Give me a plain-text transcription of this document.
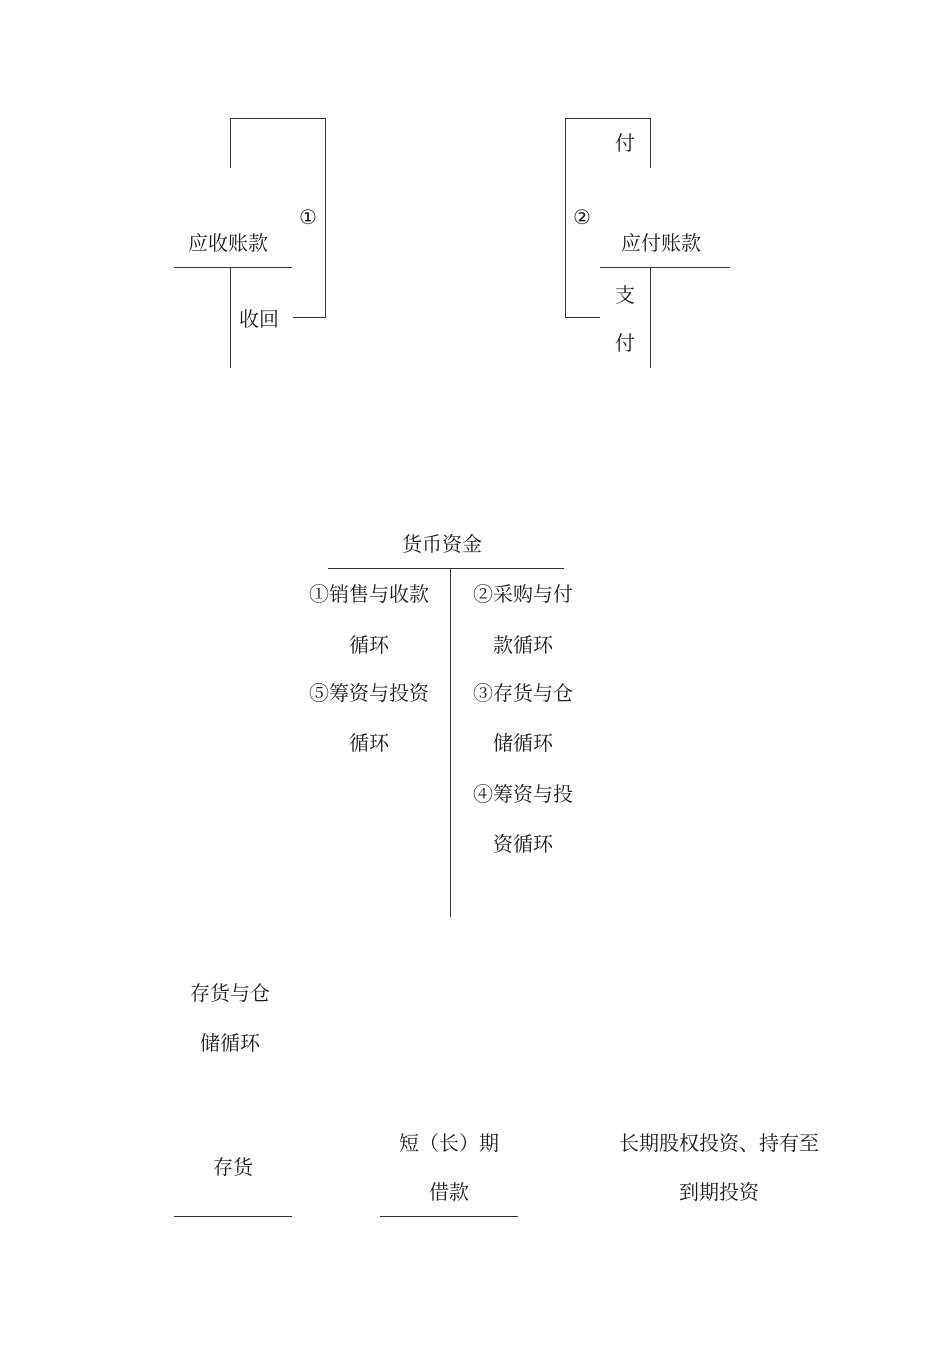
①
应收账款
收回
付
②
应付账款
支
付
货币资金
①销售与收款
循环
⑤筹资与投资
循环
②采购与付
款循环
③存货与仓
储循环
④筹资与投
资循环
存货与仓
储循环
存货
短（长）期
借款
长期股权投资、持有至
到期投资
